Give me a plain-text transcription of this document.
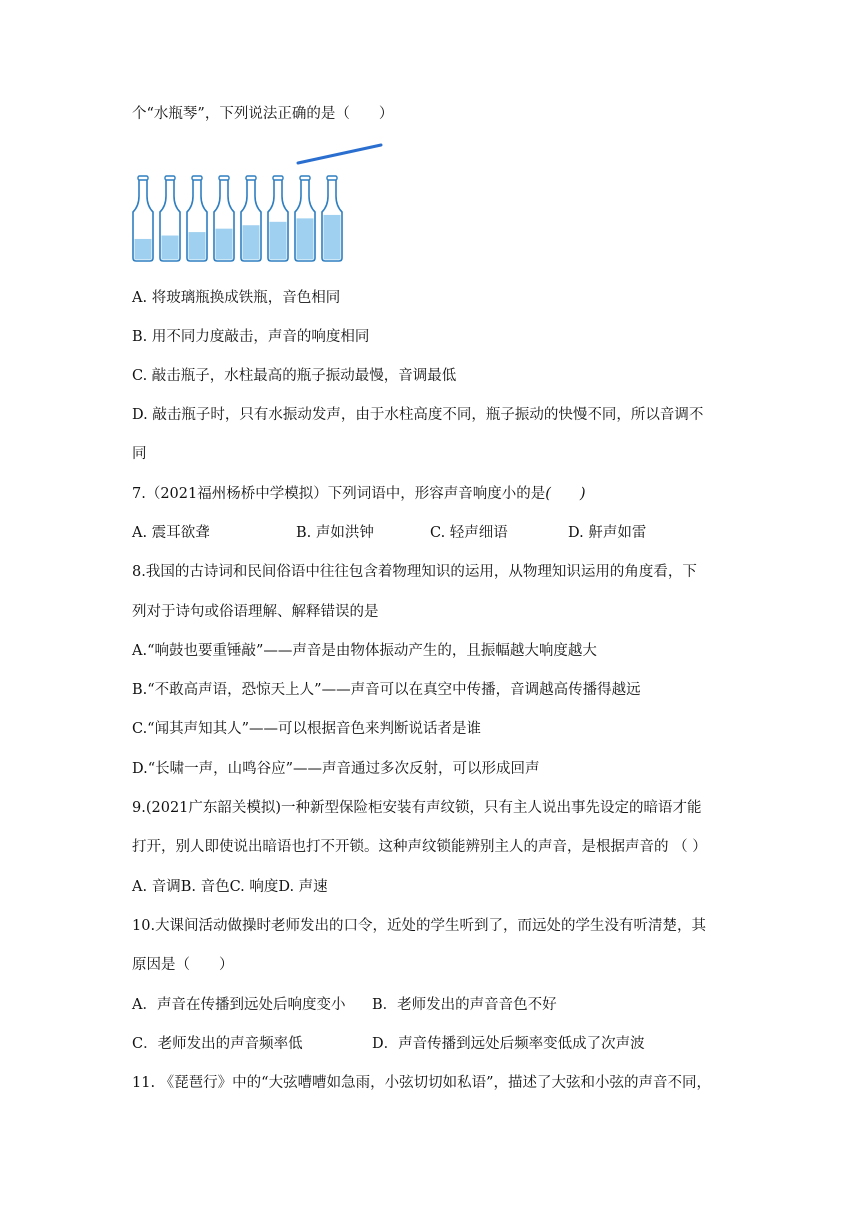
个“水瓶琴”，下列说法正确的是（　　）
A. 将玻璃瓶换成铁瓶，音色相同
B. 用不同力度敲击，声音的响度相同
C. 敲击瓶子，水柱最高的瓶子振动最慢，音调最低
D. 敲击瓶子时，只有水振动发声，由于水柱高度不同，瓶子振动的快慢不同，所以音调不
同
7.（2021福州杨桥中学模拟）下列词语中，形容声音响度小的是(　　)
A. 震耳欲聋	B. 声如洪钟	C. 轻声细语	D. 鼾声如雷
8.我国的古诗词和民间俗语中往往包含着物理知识的运用，从物理知识运用的角度看，下
列对于诗句或俗语理解、解释错误的是
A.“响鼓也要重锤敲”——声音是由物体振动产生的，且振幅越大响度越大
B.“不敢高声语，恐惊天上人”——声音可以在真空中传播，音调越高传播得越远
C.“闻其声知其人”——可以根据音色来判断说话者是谁
D.“长啸一声，山鸣谷应”——声音通过多次反射，可以形成回声
9.(2021广东韶关模拟)一种新型保险柜安装有声纹锁，只有主人说出事先设定的暗语才能
打开，别人即使说出暗语也打不开锁。这种声纹锁能辨别主人的声音，是根据声音的 （ ）
A. 音调B. 音色C. 响度D. 声速
10.大课间活动做操时老师发出的口令，近处的学生听到了，而远处的学生没有听清楚，其
原因是（　　）
A．声音在传播到远处后响度变小 B．老师发出的声音音色不好
C．老师发出的声音频率低	D．声音传播到远处后频率变低成了次声波
11. 《琵琶行》中的“大弦嘈嘈如急雨，小弦切切如私语”，描述了大弦和小弦的声音不同，
